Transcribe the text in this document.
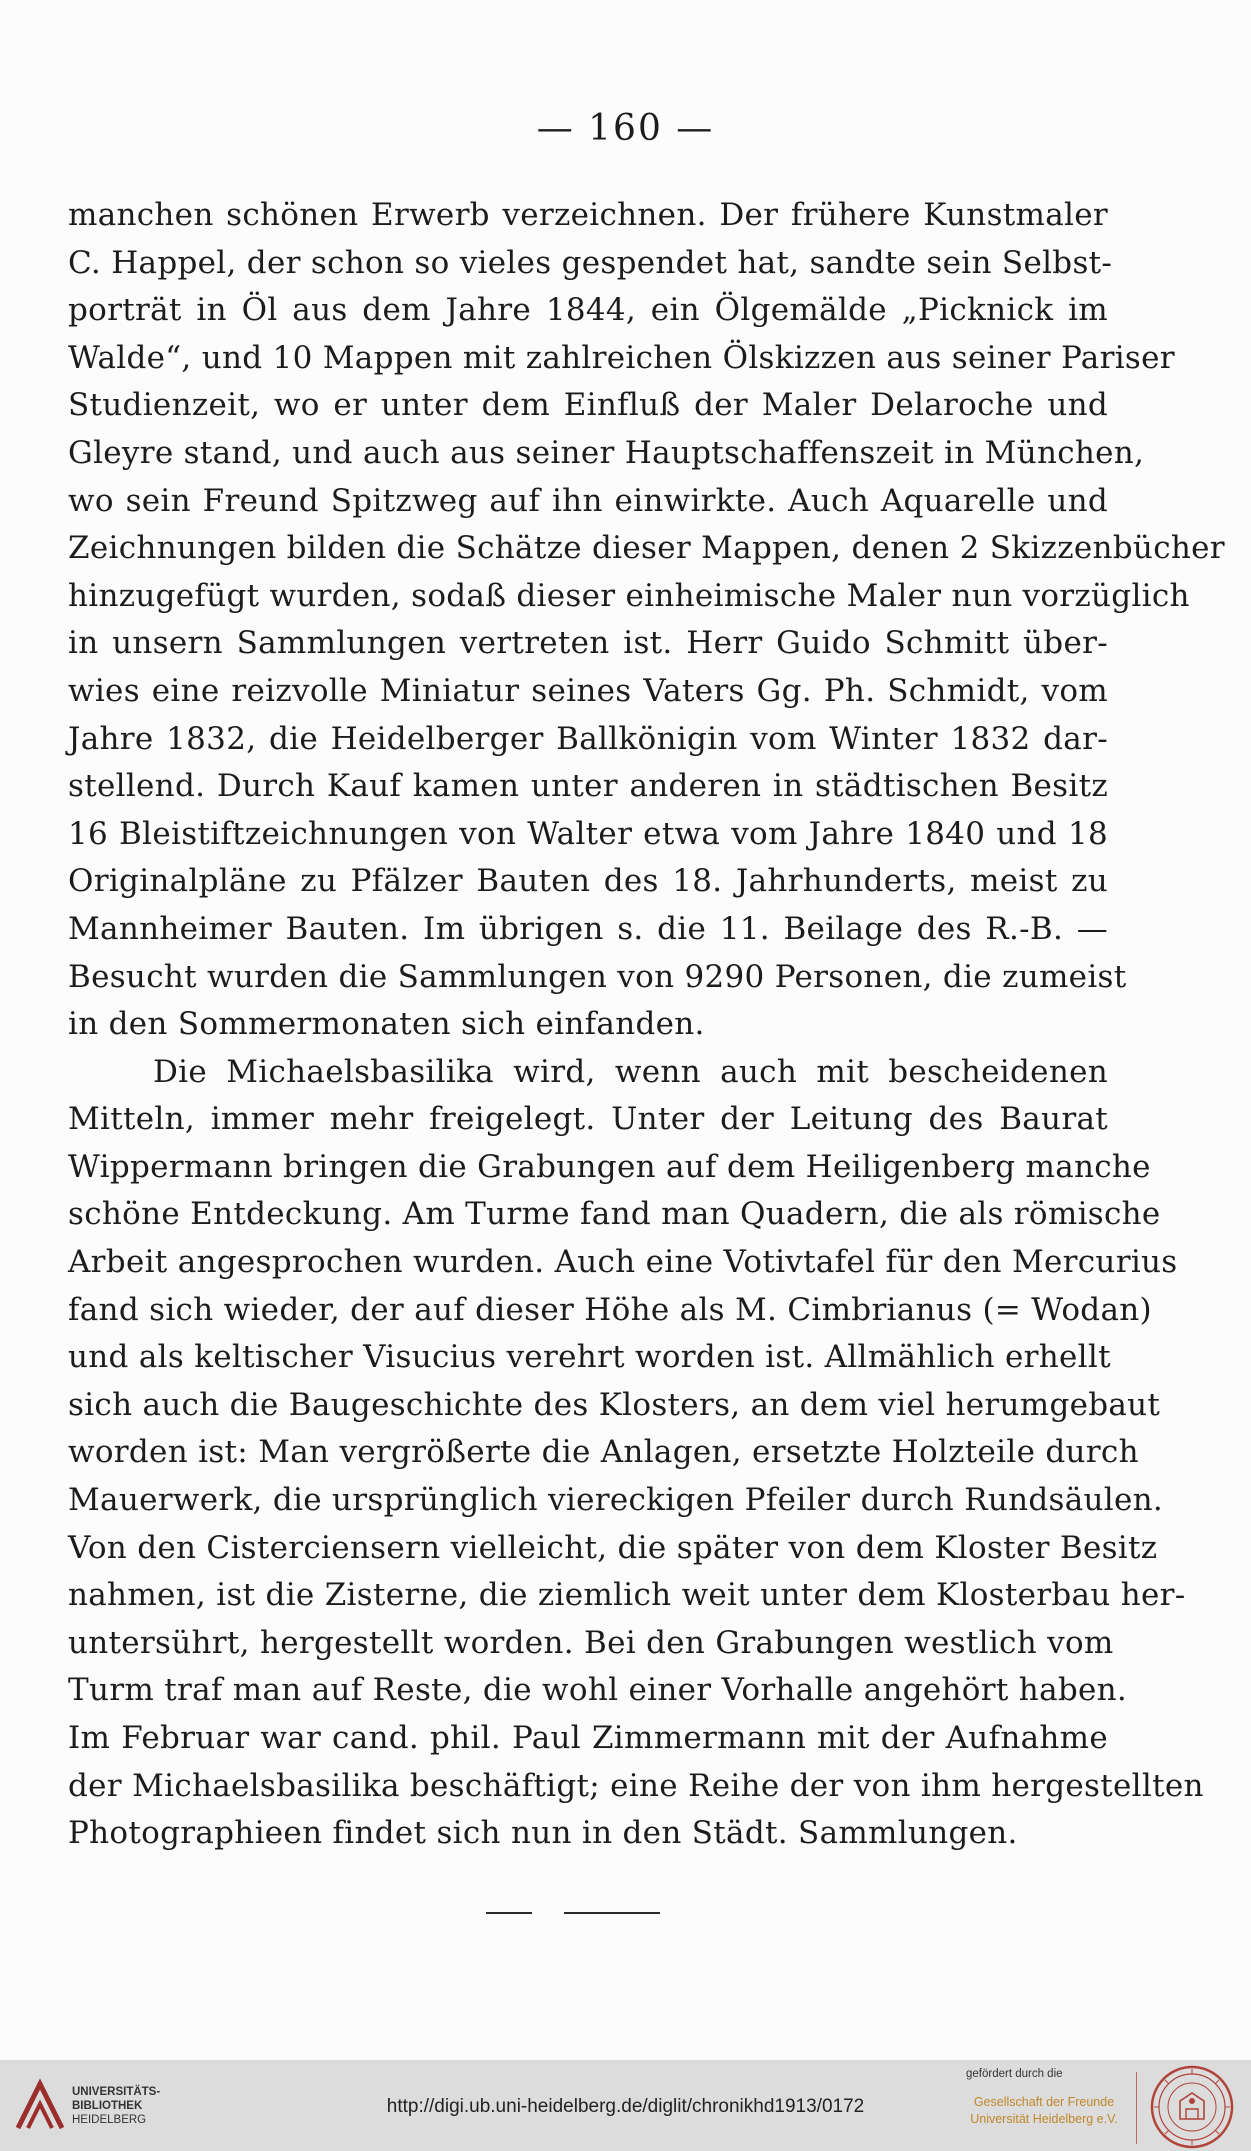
— 160 —
manchen schönen Erwerb verzeichnen. Der frühere Kunstmaler
C. Happel, der schon so vieles gespendet hat, sandte sein Selbst-
porträt in Öl aus dem Jahre 1844, ein Ölgemälde „Picknick im
Walde“, und 10 Mappen mit zahlreichen Ölskizzen aus seiner Pariser
Studienzeit, wo er unter dem Einfluß der Maler Delaroche und
Gleyre stand, und auch aus seiner Hauptschaffenszeit in München,
wo sein Freund Spitzweg auf ihn einwirkte. Auch Aquarelle und
Zeichnungen bilden die Schätze dieser Mappen, denen 2 Skizzenbücher
hinzugefügt wurden, sodaß dieser einheimische Maler nun vorzüglich
in unsern Sammlungen vertreten ist. Herr Guido Schmitt über-
wies eine reizvolle Miniatur seines Vaters Gg. Ph. Schmidt, vom
Jahre 1832, die Heidelberger Ballkönigin vom Winter 1832 dar-
stellend. Durch Kauf kamen unter anderen in städtischen Besitz
16 Bleistiftzeichnungen von Walter etwa vom Jahre 1840 und 18
Originalpläne zu Pfälzer Bauten des 18. Jahrhunderts, meist zu
Mannheimer Bauten. Im übrigen s. die 11. Beilage des R.-B. —
Besucht wurden die Sammlungen von 9290 Personen, die zumeist
in den Sommermonaten sich einfanden.
Die Michaelsbasilika wird, wenn auch mit bescheidenen
Mitteln, immer mehr freigelegt. Unter der Leitung des Baurat
Wippermann bringen die Grabungen auf dem Heiligenberg manche
schöne Entdeckung. Am Turme fand man Quadern, die als römische
Arbeit angesprochen wurden. Auch eine Votivtafel für den Mercurius
fand sich wieder, der auf dieser Höhe als M. Cimbrianus (= Wodan)
und als keltischer Visucius verehrt worden ist. Allmählich erhellt
sich auch die Baugeschichte des Klosters, an dem viel herumgebaut
worden ist: Man vergrößerte die Anlagen, ersetzte Holzteile durch
Mauerwerk, die ursprünglich viereckigen Pfeiler durch Rundsäulen.
Von den Cisterciensern vielleicht, die später von dem Kloster Besitz
nahmen, ist die Zisterne, die ziemlich weit unter dem Klosterbau her-
untersührt, hergestellt worden. Bei den Grabungen westlich vom
Turm traf man auf Reste, die wohl einer Vorhalle angehört haben.
Im Februar war cand. phil. Paul Zimmermann mit der Aufnahme
der Michaelsbasilika beschäftigt; eine Reihe der von ihm hergestellten
Photographieen findet sich nun in den Städt. Sammlungen.
UNIVERSITÄTS-
BIBLIOTHEK
HEIDELBERG
http://digi.ub.uni-heidelberg.de/diglit/chronikhd1913/0172
gefördert durch die
Gesellschaft der Freunde
Universität Heidelberg e.V.
